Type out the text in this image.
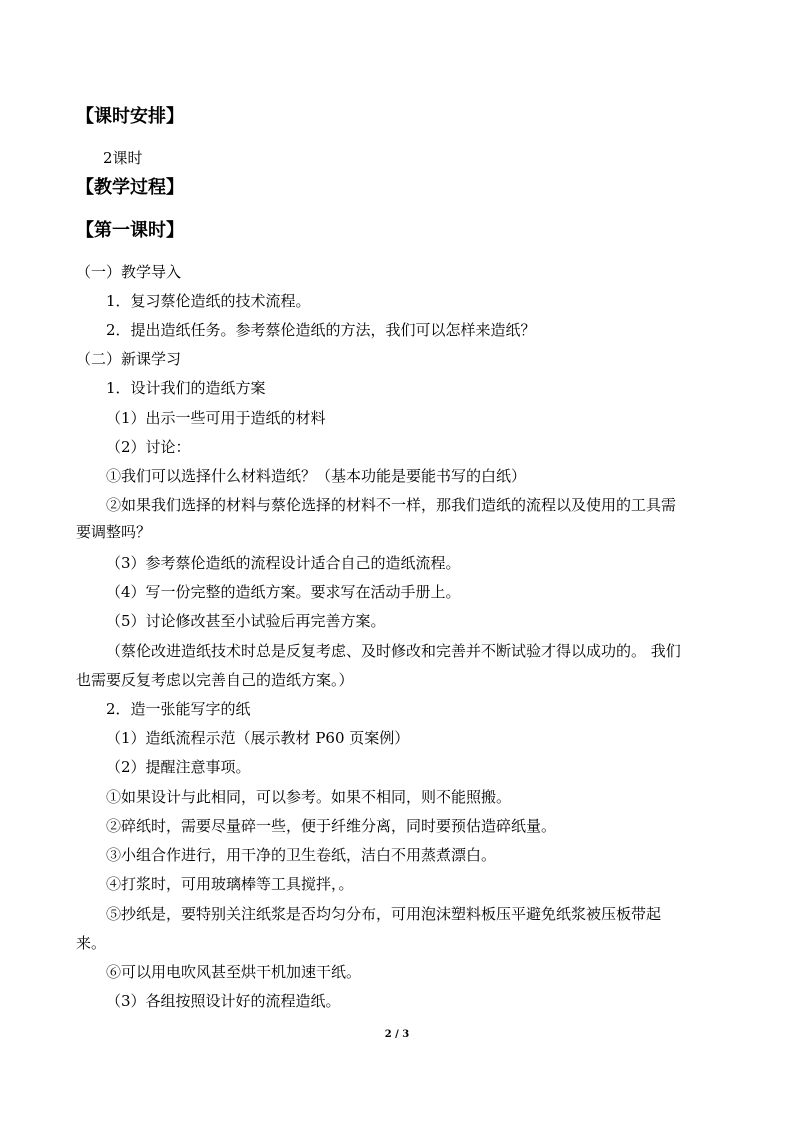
【课时安排】
2课时
【教学过程】
【第一课时】
（一）教学导入
1．复习蔡伦造纸的技术流程。
2．提出造纸任务。参考蔡伦造纸的方法，我们可以怎样来造纸？
（二）新课学习
1．设计我们的造纸方案
（1）出示一些可用于造纸的材料
（2）讨论：
①我们可以选择什么材料造纸？（基本功能是要能书写的白纸）
②如果我们选择的材料与蔡伦选择的材料不一样，那我们造纸的流程以及使用的工具需
要调整吗？
（3）参考蔡伦造纸的流程设计适合自己的造纸流程。
（4）写一份完整的造纸方案。要求写在活动手册上。
（5）讨论修改甚至小试验后再完善方案。
（蔡伦改进造纸技术时总是反复考虑、及时修改和完善并不断试验才得以成功的。 我们
也需要反复考虑以完善自己的造纸方案。）
2．造一张能写字的纸
（1）造纸流程示范（展示教材 P60 页案例）
（2）提醒注意事项。
①如果设计与此相同，可以参考。如果不相同，则不能照搬。
②碎纸时，需要尽量碎一些，便于纤维分离，同时要预估造碎纸量。
③小组合作进行，用干净的卫生卷纸，洁白不用蒸煮漂白。
④打浆时，可用玻璃棒等工具搅拌，。
⑤抄纸是，要特别关注纸浆是否均匀分布，可用泡沫塑料板压平避免纸浆被压板带起
来。
⑥可以用电吹风甚至烘干机加速干纸。
（3）各组按照设计好的流程造纸。
2 / 3
